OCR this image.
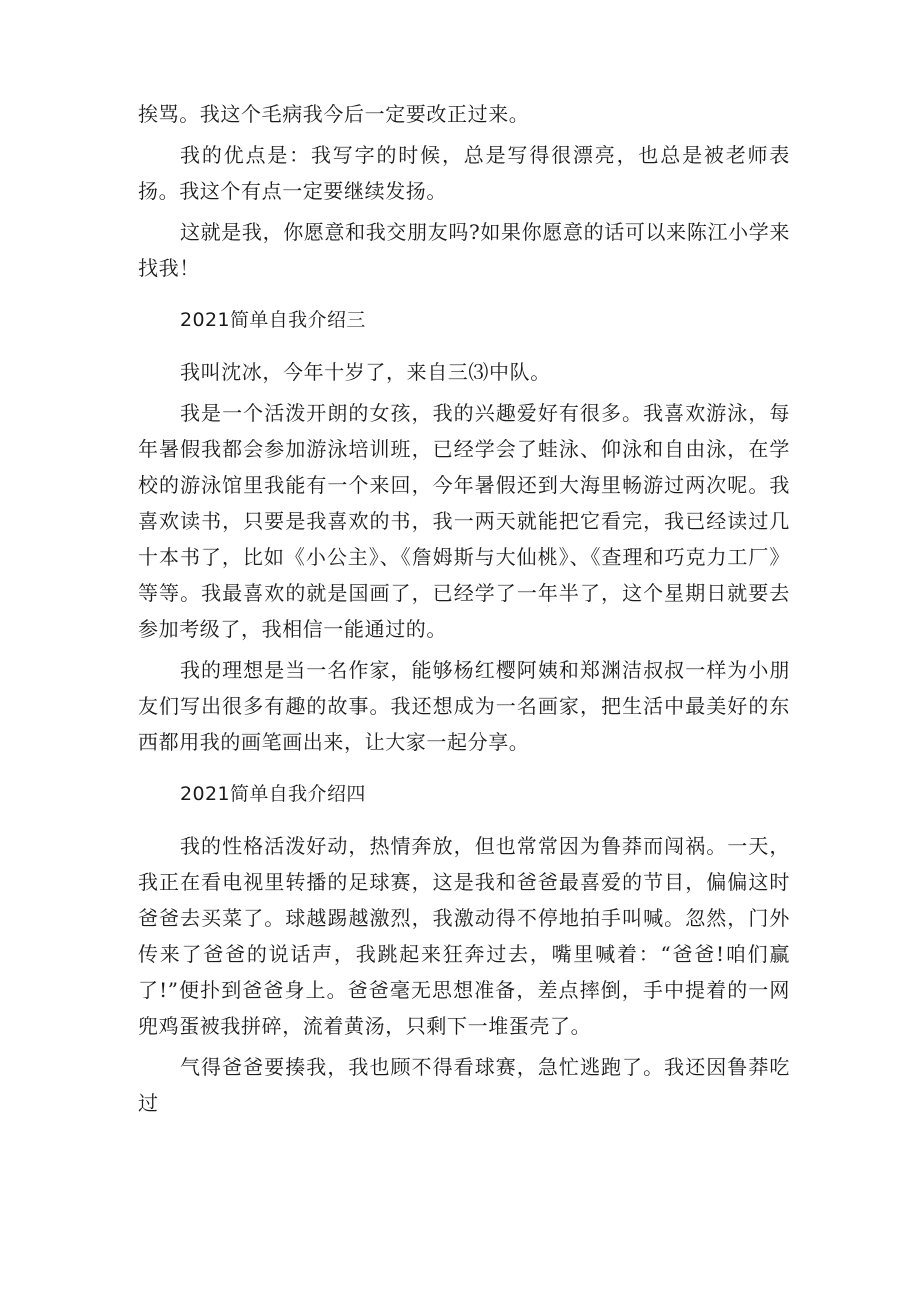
挨骂。我这个毛病我今后一定要改正过来。

我的优点是：我写字的时候，总是写得很漂亮，也总是被老师表扬。我这个有点一定要继续发扬。

这就是我，你愿意和我交朋友吗?如果你愿意的话可以来陈江小学来找我！

2021简单自我介绍三

我叫沈冰，今年十岁了，来自三⑶中队。

我是一个活泼开朗的女孩，我的兴趣爱好有很多。我喜欢游泳，每年暑假我都会参加游泳培训班，已经学会了蛙泳、仰泳和自由泳，在学校的游泳馆里我能有一个来回，今年暑假还到大海里畅游过两次呢。我喜欢读书，只要是我喜欢的书，我一两天就能把它看完，我已经读过几十本书了，比如《小公主》、《詹姆斯与大仙桃》、《查理和巧克力工厂》等等。我最喜欢的就是国画了，已经学了一年半了，这个星期日就要去参加考级了，我相信一能通过的。

我的理想是当一名作家，能够杨红樱阿姨和郑渊洁叔叔一样为小朋友们写出很多有趣的故事。我还想成为一名画家，把生活中最美好的东西都用我的画笔画出来，让大家一起分享。

2021简单自我介绍四

我的性格活泼好动，热情奔放，但也常常因为鲁莽而闯祸。一天，我正在看电视里转播的足球赛，这是我和爸爸最喜爱的节目，偏偏这时爸爸去买菜了。球越踢越激烈，我激动得不停地拍手叫喊。忽然，门外传来了爸爸的说话声，我跳起来狂奔过去，嘴里喊着：“爸爸!咱们赢了!”便扑到爸爸身上。爸爸毫无思想准备，差点摔倒，手中提着的一网兜鸡蛋被我拼碎，流着黄汤，只剩下一堆蛋壳了。

气得爸爸要揍我，我也顾不得看球赛，急忙逃跑了。我还因鲁莽吃过
